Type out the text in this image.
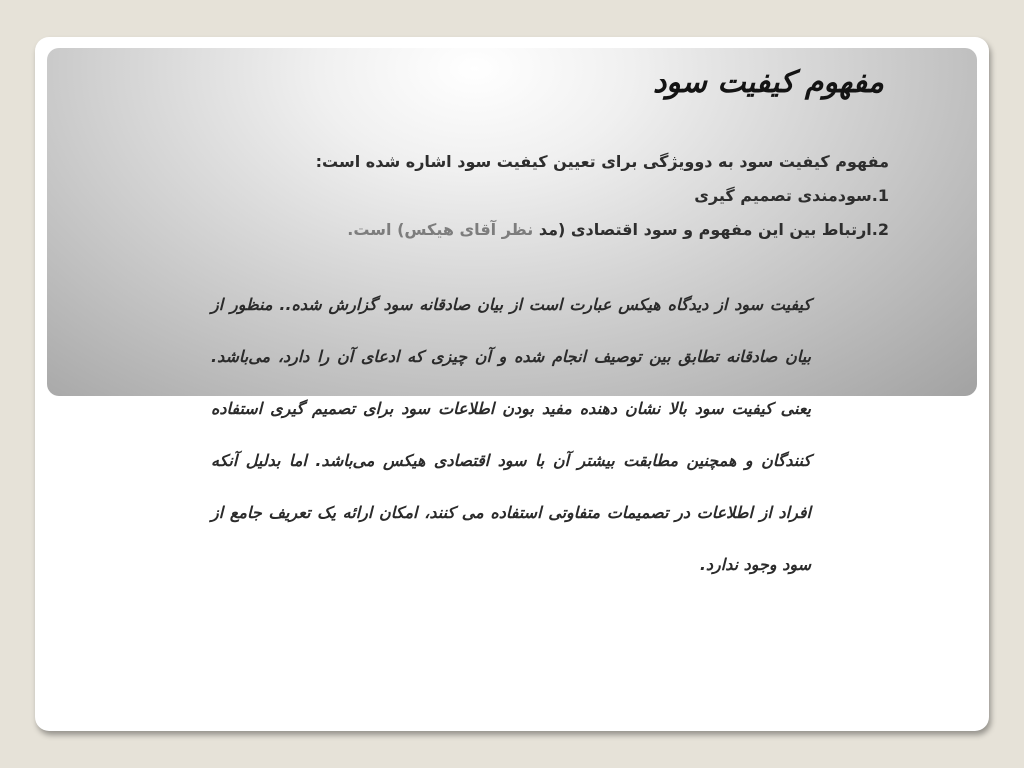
مفهوم کیفیت سود
مفهوم کیفیت سود به دوویژگی برای تعیین کیفیت سود اشاره شده است:
1.سودمندی تصمیم گیری
2.ارتباط بین این مفهوم و سود اقتصادی (مد نظر آقای هیکس) است.

کیفیت سود از دیدگاه هیکس عبارت است از بیان صادقانه سود گزارش شده.. منظور از بیان صادقانه تطابق بین توصیف انجام شده و آن چیزی که ادعای آن را دارد، می‌باشد. یعنی کیفیت سود بالا نشان دهنده مفید بودن اطلاعات سود برای تصمیم گیری استفاده کنندگان و همچنین مطابقت بیشتر آن با سود اقتصادی هیکس می‌باشد. اما بدلیل آنکه افراد از اطلاعات در تصمیمات متفاوتی استفاده می کنند، امکان ارائه یک تعریف جامع از سود وجود ندارد.
